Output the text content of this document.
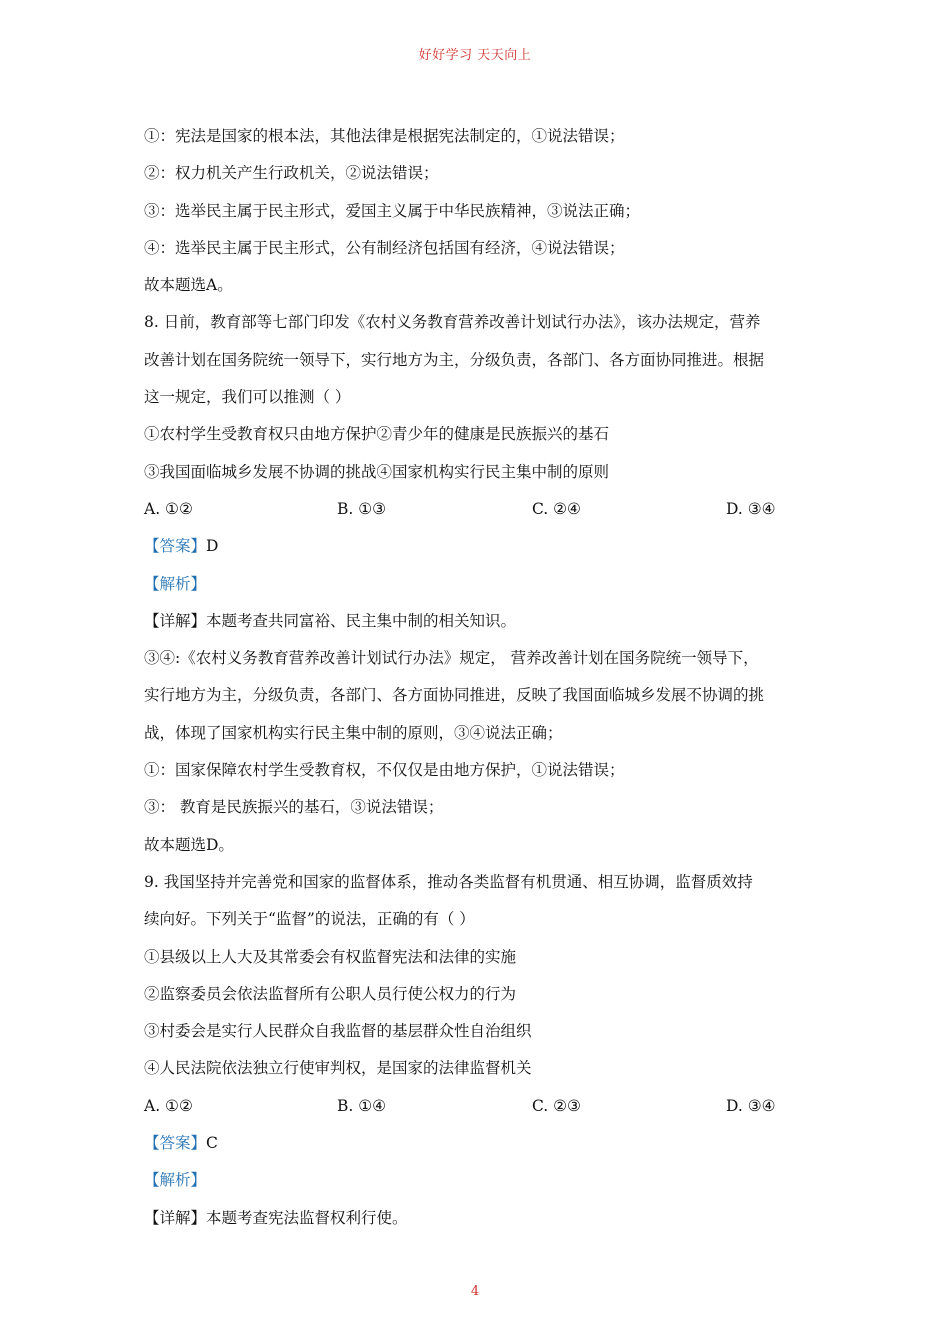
好好学习 天天向上
①：宪法是国家的根本法，其他法律是根据宪法制定的，①说法错误；
②：权力机关产生行政机关，②说法错误；
③：选举民主属于民主形式，爱国主义属于中华民族精神，③说法正确；
④：选举民主属于民主形式，公有制经济包括国有经济，④说法错误；
故本题选A。
8. 日前，教育部等七部门印发《农村义务教育营养改善计划试行办法》，该办法规定，营养
改善计划在国务院统一领导下，实行地方为主，分级负责，各部门、各方面协同推进。根据
这一规定，我们可以推测（ ）
①农村学生受教育权只由地方保护②青少年的健康是民族振兴的基石
③我国面临城乡发展不协调的挑战④国家机构实行民主集中制的原则
A. ①②	B. ①③	C. ②④	D. ③④
【答案】D
【解析】
【详解】本题考查共同富裕、民主集中制的相关知识。
③④:《农村义务教育营养改善计划试行办法》规定， 营养改善计划在国务院统一领导下，
实行地方为主，分级负责，各部门、各方面协同推进，反映了我国面临城乡发展不协调的挑
战，体现了国家机构实行民主集中制的原则，③④说法正确；
①：国家保障农村学生受教育权，不仅仅是由地方保护，①说法错误；
③： 教育是民族振兴的基石，③说法错误；
故本题选D。
9. 我国坚持并完善党和国家的监督体系，推动各类监督有机贯通、相互协调，监督质效持
续向好。下列关于“监督”的说法，正确的有（ ）
①县级以上人大及其常委会有权监督宪法和法律的实施
②监察委员会依法监督所有公职人员行使公权力的行为
③村委会是实行人民群众自我监督的基层群众性自治组织
④人民法院依法独立行使审判权，是国家的法律监督机关
A. ①②	B. ①④	C. ②③	D. ③④
【答案】C
【解析】
【详解】本题考查宪法监督权利行使。
4
